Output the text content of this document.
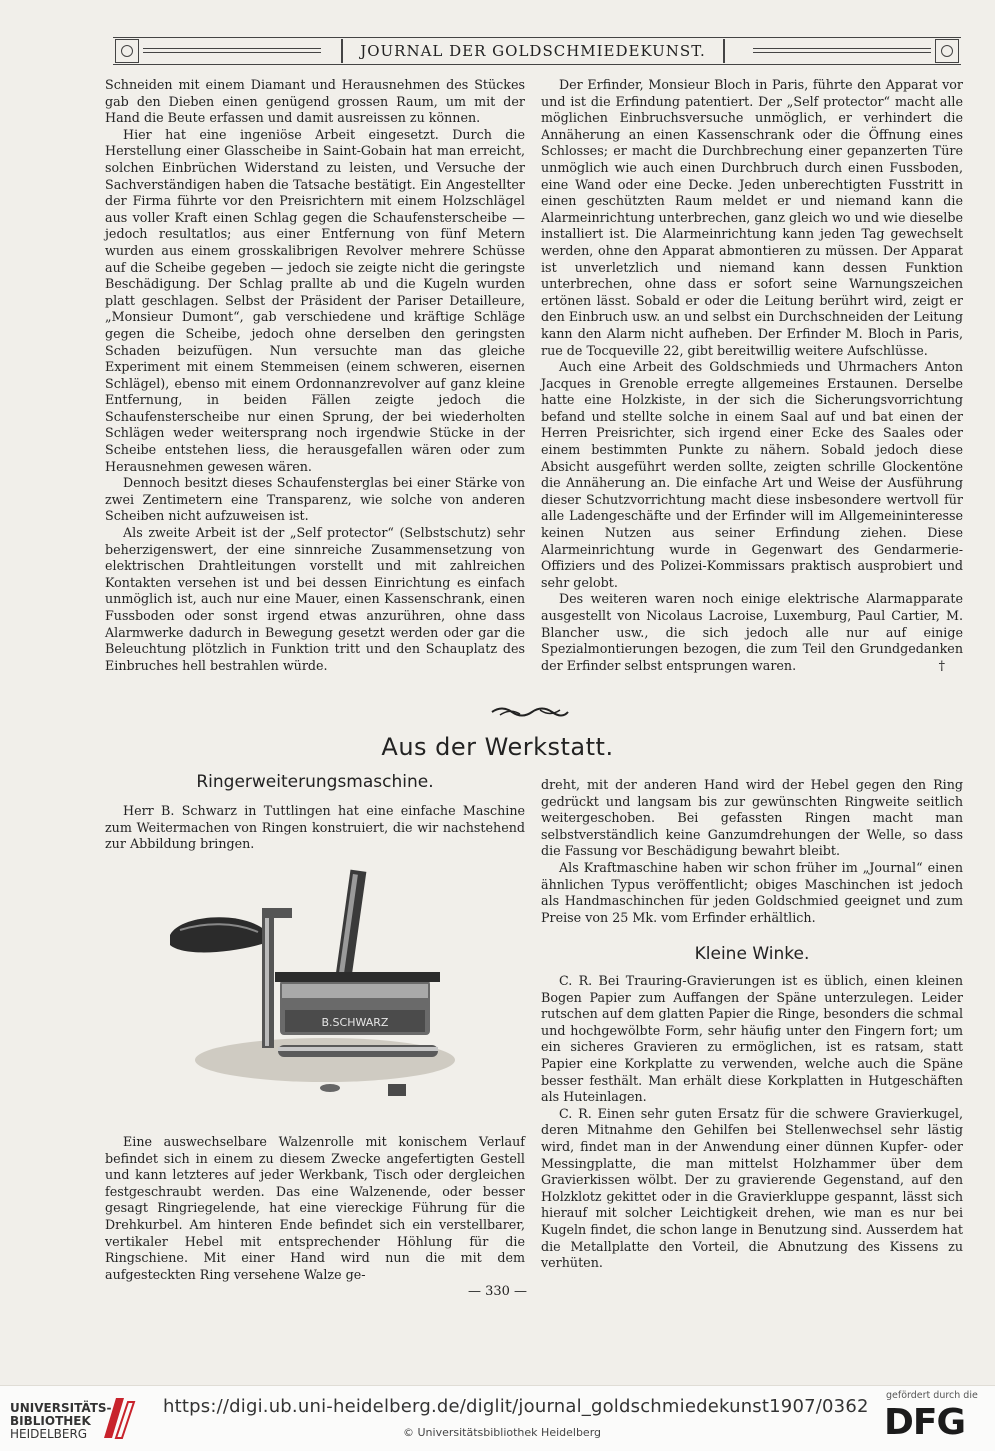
JOURNAL DER GOLDSCHMIEDEKUNST.

Schneiden mit einem Diamant und Herausnehmen des Stückes gab den Dieben einen genügend grossen Raum, um mit der Hand die Beute erfassen und damit ausreissen zu können.

Hier hat eine ingeniöse Arbeit eingesetzt. Durch die Herstellung einer Glasscheibe in Saint-Gobain hat man erreicht, solchen Einbrüchen Widerstand zu leisten, und Versuche der Sachverständigen haben die Tatsache bestätigt. Ein Angestellter der Firma führte vor den Preisrichtern mit einem Holzschlägel aus voller Kraft einen Schlag gegen die Schaufensterscheibe — jedoch resultatlos; aus einer Entfernung von fünf Metern wurden aus einem grosskalibrigen Revolver mehrere Schüsse auf die Scheibe gegeben — jedoch sie zeigte nicht die geringste Beschädigung. Der Schlag prallte ab und die Kugeln wurden platt geschlagen. Selbst der Präsident der Pariser Detailleure, „Monsieur Dumont“, gab verschiedene und kräftige Schläge gegen die Scheibe, jedoch ohne derselben den geringsten Schaden beizufügen. Nun versuchte man das gleiche Experiment mit einem Stemmeisen (einem schweren, eisernen Schlägel), ebenso mit einem Ordonnanzrevolver auf ganz kleine Entfernung, in beiden Fällen zeigte jedoch die Schaufensterscheibe nur einen Sprung, der bei wiederholten Schlägen weder weitersprang noch irgendwie Stücke in der Scheibe entstehen liess, die herausgefallen wären oder zum Herausnehmen gewesen wären.

Dennoch besitzt dieses Schaufensterglas bei einer Stärke von zwei Zentimetern eine Transparenz, wie solche von anderen Scheiben nicht aufzuweisen ist.

Als zweite Arbeit ist der „Self protector“ (Selbstschutz) sehr beherzigenswert, der eine sinnreiche Zusammensetzung von elektrischen Drahtleitungen vorstellt und mit zahlreichen Kontakten versehen ist und bei dessen Einrichtung es einfach unmöglich ist, auch nur eine Mauer, einen Kassenschrank, einen Fussboden oder sonst irgend etwas anzurühren, ohne dass Alarmwerke dadurch in Bewegung gesetzt werden oder gar die Beleuchtung plötzlich in Funktion tritt und den Schauplatz des Einbruches hell bestrahlen würde.

Der Erfinder, Monsieur Bloch in Paris, führte den Apparat vor und ist die Erfindung patentiert. Der „Self protector“ macht alle möglichen Einbruchsversuche unmöglich, er verhindert die Annäherung an einen Kassenschrank oder die Öffnung eines Schlosses; er macht die Durchbrechung einer gepanzerten Türe unmöglich wie auch einen Durchbruch durch einen Fussboden, eine Wand oder eine Decke. Jeden unberechtigten Fusstritt in einen geschützten Raum meldet er und niemand kann die Alarmeinrichtung unterbrechen, ganz gleich wo und wie dieselbe installiert ist. Die Alarmeinrichtung kann jeden Tag gewechselt werden, ohne den Apparat abmontieren zu müssen. Der Apparat ist unverletzlich und niemand kann dessen Funktion unterbrechen, ohne dass er sofort seine Warnungszeichen ertönen lässt. Sobald er oder die Leitung berührt wird, zeigt er den Einbruch usw. an und selbst ein Durchschneiden der Leitung kann den Alarm nicht aufheben. Der Erfinder M. Bloch in Paris, rue de Tocqueville 22, gibt bereitwillig weitere Aufschlüsse.

Auch eine Arbeit des Goldschmieds und Uhrmachers Anton Jacques in Grenoble erregte allgemeines Erstaunen. Derselbe hatte eine Holzkiste, in der sich die Sicherungsvorrichtung befand und stellte solche in einem Saal auf und bat einen der Herren Preisrichter, sich irgend einer Ecke des Saales oder einem bestimmten Punkte zu nähern. Sobald jedoch diese Absicht ausgeführt werden sollte, zeigten schrille Glockentöne die Annäherung an. Die einfache Art und Weise der Ausführung dieser Schutzvorrichtung macht diese insbesondere wertvoll für alle Ladengeschäfte und der Erfinder will im Allgemeininteresse keinen Nutzen aus seiner Erfindung ziehen. Diese Alarmeinrichtung wurde in Gegenwart des Gendarmerie-Offiziers und des Polizei-Kommissars praktisch ausprobiert und sehr gelobt.

Des weiteren waren noch einige elektrische Alarmapparate ausgestellt von Nicolaus Lacroise, Luxemburg, Paul Cartier, M. Blancher usw., die sich jedoch alle nur auf einige Spezialmontierungen bezogen, die zum Teil den Grundgedanken der Erfinder selbst entsprungen waren.	†

Aus der Werkstatt.
Ringerweiterungsmaschine.

Herr B. Schwarz in Tuttlingen hat eine einfache Maschine zum Weitermachen von Ringen konstruiert, die wir nachstehend zur Abbildung bringen.

B.SCHWARZ

Eine auswechselbare Walzenrolle mit konischem Verlauf befindet sich in einem zu diesem Zwecke angefertigten Gestell und kann letzteres auf jeder Werkbank, Tisch oder dergleichen festgeschraubt werden. Das eine Walzenende, oder besser gesagt Ringriegelende, hat eine viereckige Führung für die Drehkurbel. Am hinteren Ende befindet sich ein verstellbarer, vertikaler Hebel mit entsprechender Höhlung für die Ringschiene. Mit einer Hand wird nun die mit dem aufgesteckten Ring versehene Walze ge-

dreht, mit der anderen Hand wird der Hebel gegen den Ring gedrückt und langsam bis zur gewünschten Ringweite seitlich weitergeschoben. Bei gefassten Ringen macht man selbstverständlich keine Ganzumdrehungen der Welle, so dass die Fassung vor Beschädigung bewahrt bleibt.

Als Kraftmaschine haben wir schon früher im „Journal“ einen ähnlichen Typus veröffentlicht; obiges Maschinchen ist jedoch als Handmaschinchen für jeden Goldschmied geeignet und zum Preise von 25 Mk. vom Erfinder erhältlich.

Kleine Winke.

C. R. Bei Trauring-Gravierungen ist es üblich, einen kleinen Bogen Papier zum Auffangen der Späne unterzulegen. Leider rutschen auf dem glatten Papier die Ringe, besonders die schmal und hochgewölbte Form, sehr häufig unter den Fingern fort; um ein sicheres Gravieren zu ermöglichen, ist es ratsam, statt Papier eine Korkplatte zu verwenden, welche auch die Späne besser festhält. Man erhält diese Korkplatten in Hutgeschäften als Huteinlagen.

C. R. Einen sehr guten Ersatz für die schwere Gravierkugel, deren Mitnahme den Gehilfen bei Stellenwechsel sehr lästig wird, findet man in der Anwendung einer dünnen Kupfer- oder Messingplatte, die man mittelst Holzhammer über dem Gravierkissen wölbt. Der zu gravierende Gegenstand, auf den Holzklotz gekittet oder in die Gravierkluppe gespannt, lässt sich hierauf mit solcher Leichtigkeit drehen, wie man es nur bei Kugeln findet, die schon lange in Benutzung sind. Ausserdem hat die Metallplatte den Vorteil, die Abnutzung des Kissens zu verhüten.

— 330 —
UNIVERSITÄTS-
BIBLIOTHEK
HEIDELBERG
https://digi.ub.uni-heidelberg.de/diglit/journal_goldschmiedekunst1907/0362
© Universitätsbibliothek Heidelberg
gefördert durch die
DFG
